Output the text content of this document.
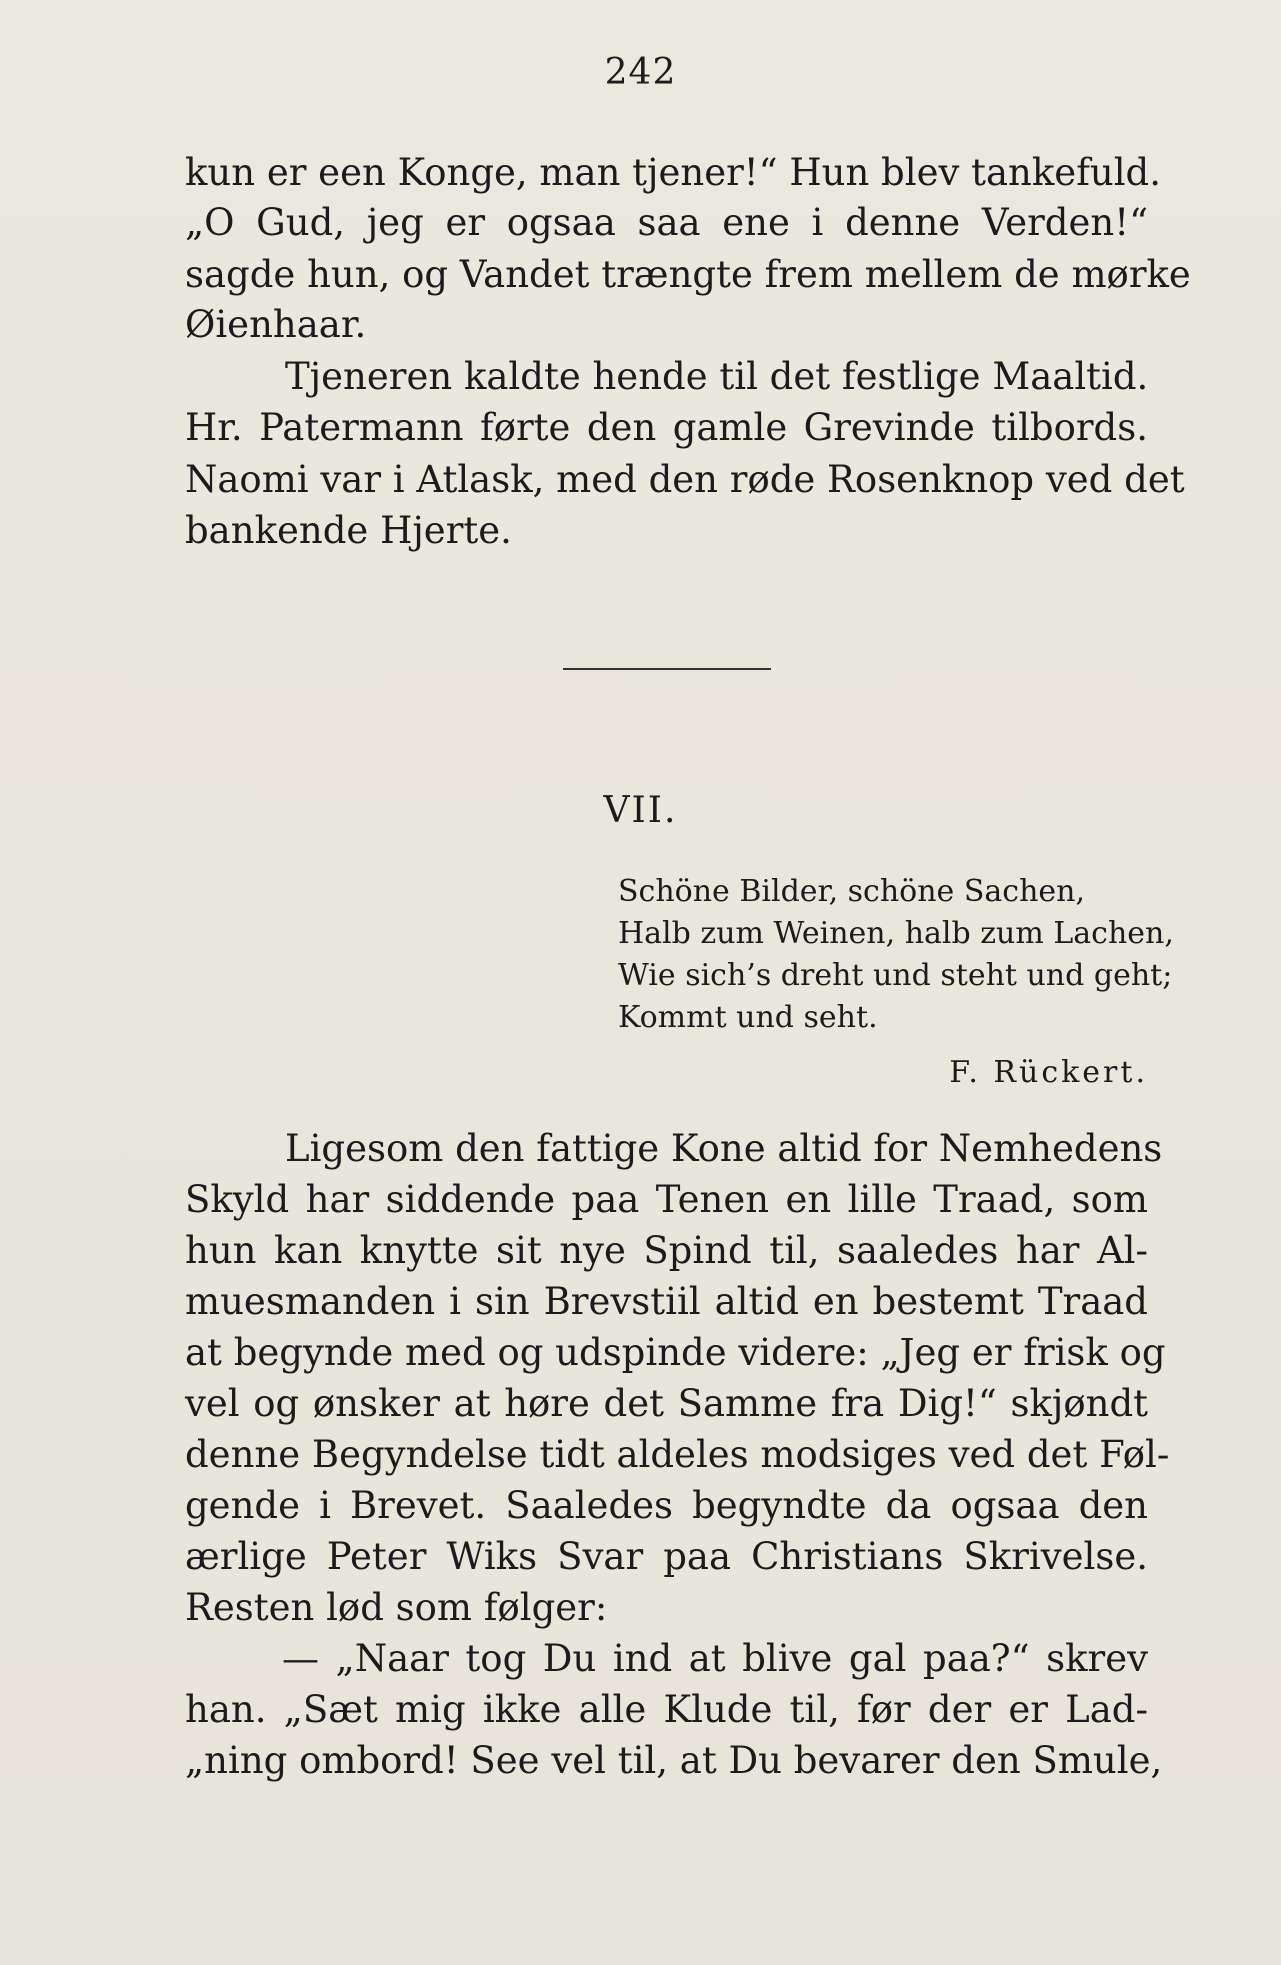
242
kun er een Konge, man tjener!“ Hun blev tankefuld.
„O Gud, jeg er ogsaa saa ene i denne Verden!“
sagde hun, og Vandet trængte frem mellem de mørke
Øienhaar.
Tjeneren kaldte hende til det festlige Maaltid.
Hr. Patermann førte den gamle Grevinde tilbords.
Naomi var i Atlask, med den røde Rosenknop ved det
bankende Hjerte.
VII.
Schöne Bilder, schöne Sachen,
Halb zum Weinen, halb zum Lachen,
Wie sich’s dreht und steht und geht;
Kommt und seht.
F. Rückert.
Ligesom den fattige Kone altid for Nemhedens
Skyld har siddende paa Tenen en lille Traad, som
hun kan knytte sit nye Spind til, saaledes har Al-
muesmanden i sin Brevstiil altid en bestemt Traad
at begynde med og udspinde videre: „Jeg er frisk og
vel og ønsker at høre det Samme fra Dig!“ skjøndt
denne Begyndelse tidt aldeles modsiges ved det Føl-
gende i Brevet. Saaledes begyndte da ogsaa den
ærlige Peter Wiks Svar paa Christians Skrivelse.
Resten lød som følger:
— „Naar tog Du ind at blive gal paa?“ skrev
han. „Sæt mig ikke alle Klude til, før der er Lad-
„ning ombord! See vel til, at Du bevarer den Smule,
